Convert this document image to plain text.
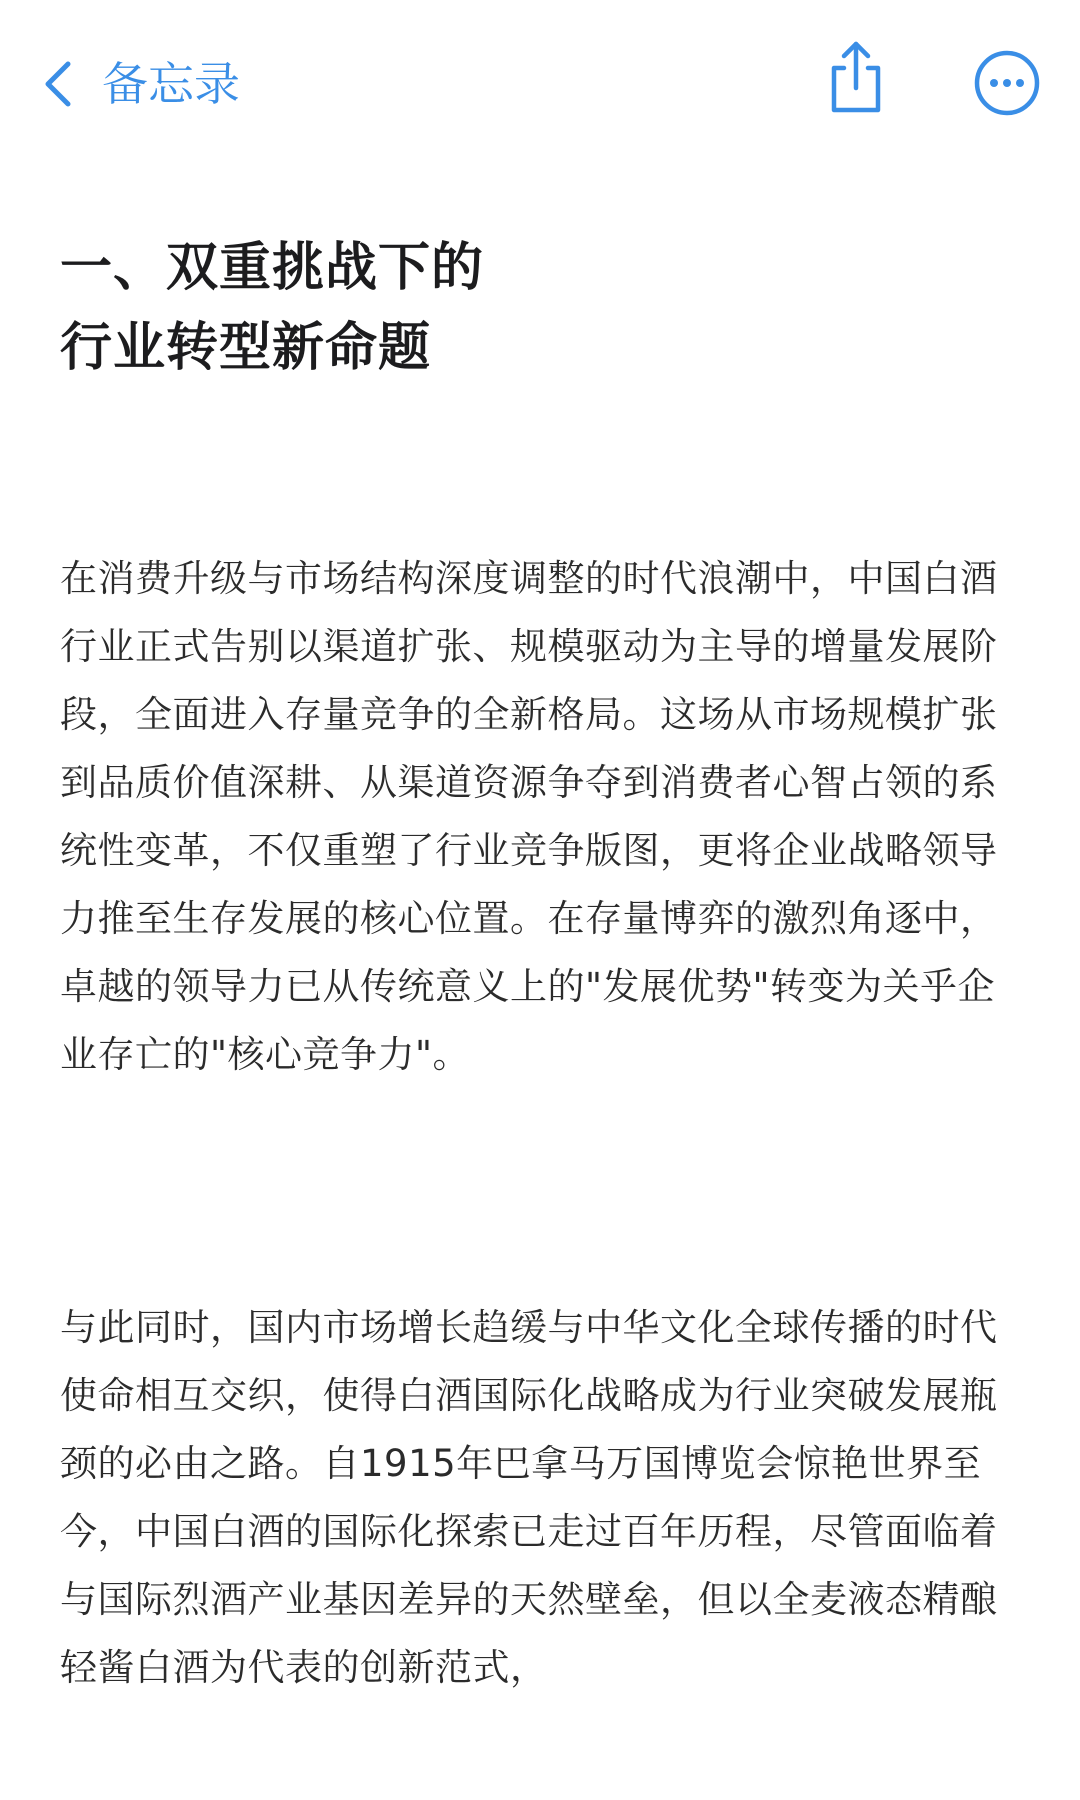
备忘录
一、双重挑战下的
行业转型新命题

在消费升级与市场结构深度调整的时代浪潮中，中国白酒行业正式告别以渠道扩张、规模驱动为主导的增量发展阶段，全面进入存量竞争的全新格局。这场从市场规模扩张到品质价值深耕、从渠道资源争夺到消费者心智占领的系统性变革，不仅重塑了行业竞争版图，更将企业战略领导力推至生存发展的核心位置。在存量博弈的激烈角逐中，卓越的领导力已从传统意义上的"发展优势"转变为关乎企业存亡的"核心竞争力"。

与此同时，国内市场增长趋缓与中华文化全球传播的时代使命相互交织，使得白酒国际化战略成为行业突破发展瓶颈的必由之路。自1915年巴拿马万国博览会惊艳世界至今，中国白酒的国际化探索已走过百年历程，尽管面临着与国际烈酒产业基因差异的天然壁垒，但以全麦液态精酿轻酱白酒为代表的创新范式，
